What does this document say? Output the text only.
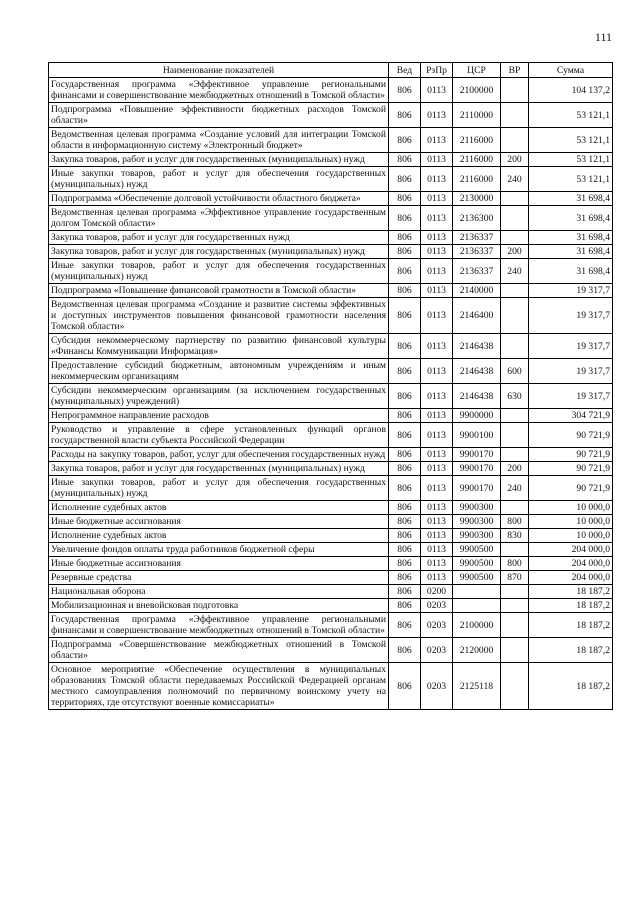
111
Наименование показателей	Вед	РзПр	ЦСР	ВР	Сумма
Государственная программа «Эффективное управление региональными финансами и совершенствование межбюджетных отношений в Томской области»	806	0113	2100000		104 137,2
Подпрограмма «Повышение эффективности бюджетных расходов Томской области»	806	0113	2110000		53 121,1
Ведомственная целевая программа «Создание условий для интеграции Томской области в информационную систему «Электронный бюджет»	806	0113	2116000		53 121,1
Закупка товаров, работ и услуг для государственных (муниципальных) нужд	806	0113	2116000	200	53 121,1
Иные закупки товаров, работ и услуг для обеспечения государственных (муниципальных) нужд	806	0113	2116000	240	53 121,1
Подпрограмма «Обеспечение долговой устойчивости областного бюджета»	806	0113	2130000		31 698,4
Ведомственная целевая программа «Эффективное управление государственным долгом Томской области»	806	0113	2136300		31 698,4
Закупка товаров, работ и услуг для государственных нужд	806	0113	2136337		31 698,4
Закупка товаров, работ и услуг для государственных (муниципальных) нужд	806	0113	2136337	200	31 698,4
Иные закупки товаров, работ и услуг для обеспечения государственных (муниципальных) нужд	806	0113	2136337	240	31 698,4
Подпрограмма «Повышение финансовой грамотности в Томской области»	806	0113	2140000		19 317,7
Ведомственная целевая программа «Создание и развитие системы эффективных и доступных инструментов повышения финансовой грамотности населения Томской области»	806	0113	2146400		19 317,7
Субсидия некоммерческому партнерству по развитию финансовой культуры «Финансы Коммуникации Информация»	806	0113	2146438		19 317,7
Предоставление субсидий бюджетным, автономным учреждениям и иным некоммерческим организациям	806	0113	2146438	600	19 317,7
Субсидии некоммерческим организациям (за исключением государственных (муниципальных) учреждений)	806	0113	2146438	630	19 317,7
Непрограммное направление расходов	806	0113	9900000		304 721,9
Руководство и управление в сфере установленных функций органов государственной власти субъекта Российской Федерации	806	0113	9900100		90 721,9
Расходы на закупку товаров, работ, услуг для обеспечения государственных нужд	806	0113	9900170		90 721,9
Закупка товаров, работ и услуг для государственных (муниципальных) нужд	806	0113	9900170	200	90 721,9
Иные закупки товаров, работ и услуг для обеспечения государственных (муниципальных) нужд	806	0113	9900170	240	90 721,9
Исполнение судебных актов	806	0113	9900300		10 000,0
Иные бюджетные ассигнования	806	0113	9900300	800	10 000,0
Исполнение судебных актов	806	0113	9900300	830	10 000,0
Увеличение фондов оплаты труда работников бюджетной сферы	806	0113	9900500		204 000,0
Иные бюджетные ассигнования	806	0113	9900500	800	204 000,0
Резервные средства	806	0113	9900500	870	204 000,0
Национальная оборона	806	0200			18 187,2
Мобилизационная и вневойсковая подготовка	806	0203			18 187,2
Государственная программа «Эффективное управление региональными финансами и совершенствование межбюджетных отношений в Томской области»	806	0203	2100000		18 187,2
Подпрограмма «Совершенствование межбюджетных отношений в Томской области»	806	0203	2120000		18 187,2
Основное мероприятие «Обеспечение осуществления в муниципальных образованиях Томской области передаваемых Российской Федерацией органам местного самоуправления полномочий по первичному воинскому учету на территориях, где отсутствуют военные комиссариаты»	806	0203	2125118		18 187,2
